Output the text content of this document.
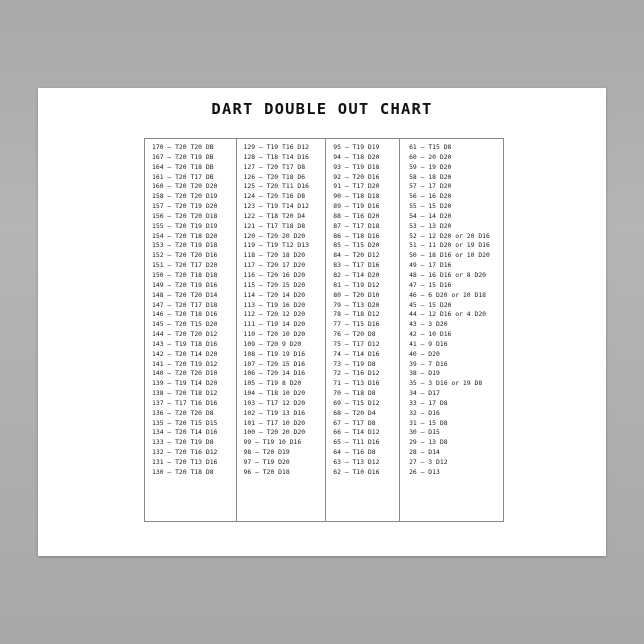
DART DOUBLE OUT CHART
170 – T20 T20 DB
167 – T20 T19 DB
164 – T20 T18 DB
161 – T20 T17 DB
160 – T20 T20 D20
158 – T20 T20 D19
157 – T20 T19 D20
156 – T20 T20 D18
155 – T20 T19 D19
154 – T20 T18 D20
153 – T20 T19 D18
152 – T20 T20 D16
151 – T20 T17 D20
150 – T20 T18 D18
149 – T20 T19 D16
148 – T20 T20 D14
147 – T20 T17 D18
146 – T20 T18 D16
145 – T20 T15 D20
144 – T20 T20 D12
143 – T19 T18 D16
142 – T20 T14 D20
141 – T20 T19 D12
140 – T20 T20 D10
139 – T19 T14 D20
138 – T20 T18 D12
137 – T17 T16 D16
136 – T20 T20 D8
135 – T20 T15 D15
134 – T20 T14 D16
133 – T20 T19 D8
132 – T20 T16 D12
131 – T20 T13 D16
130 – T20 T18 D8
129 – T19 T16 D12
128 – T18 T14 D16
127 – T20 T17 D8
126 – T20 T18 D6
125 – T20 T11 D16
124 – T20 T16 D8
123 – T19 T14 D12
122 – T18 T20 D4
121 – T17 T18 D8
120 – T20 20 D20
119 – T19 T12 D13
118 – T20 18 D20
117 – T20 17 D20
116 – T20 16 D20
115 – T20 15 D20
114 – T20 14 D20
113 – T19 16 D20
112 – T20 12 D20
111 – T19 14 D20
110 – T20 10 D20
109 – T20 9 D20
108 – T19 19 D16
107 – T20 15 D16
106 – T20 14 D16
105 – T19 8 D20
104 – T18 10 D20
103 – T17 12 D20
102 – T19 13 D16
101 – T17 10 D20
100 – T20 20 D20
99 – T19 10 D16
98 – T20 D19
97 – T19 D20
96 – T20 D18
95 – T19 D19
94 – T18 D20
93 – T19 D18
92 – T20 D16
91 – T17 D20
90 – T18 D18
89 – T19 D16
88 – T16 D20
87 – T17 D18
86 – T18 D16
85 – T15 D20
84 – T20 D12
83 – T17 D16
82 – T14 D20
81 – T19 D12
80 – T20 D10
79 – T13 D20
78 – T18 D12
77 – T15 D16
76 – T20 D8
75 – T17 D12
74 – T14 D16
73 – T19 D8
72 – T16 D12
71 – T13 D16
70 – T18 D8
69 – T15 D12
68 – T20 D4
67 – T17 D8
66 – T14 D12
65 – T11 D16
64 – T16 D8
63 – T13 D12
62 – T10 D16
61 – T15 D8
60 – 20 D20
59 – 19 D20
58 – 18 D20
57 – 17 D20
56 – 16 D20
55 – 15 D20
54 – 14 D20
53 – 13 D20
52 – 12 D20 or 20 D16
51 – 11 D20 or 19 D16
50 – 18 D16 or 10 D20
49 – 17 D16
48 – 16 D16 or 8 D20
47 – 15 D16
46 – 6 D20 or 10 D18
45 – 15 D20
44 – 12 D16 or 4 D20
43 – 3 D20
42 – 10 D16
41 – 9 D16
40 – D20
39 – 7 D16
38 – D19
35 – 3 D16 or 19 D8
34 – D17
33 – 17 D8
32 – D16
31 – 15 D8
30 – D15
29 – 13 D8
28 – D14
27 – 3 D12
26 – D13
